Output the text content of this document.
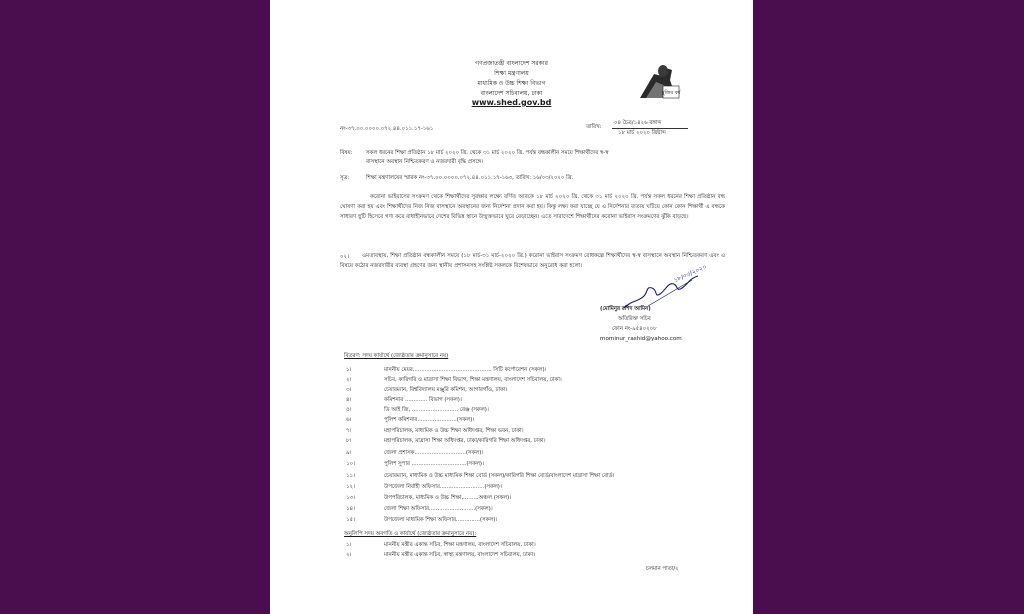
গণপ্রজাতন্ত্রী বাংলাদেশ সরকার
শিক্ষা মন্ত্রণালয়
মাধ্যমিক ও উচ্চ শিক্ষা বিভাগ
বাংলাদেশ সচিবালয়, ঢাকা
www.shed.gov.bd
মুজিব বর্ষ
নং-৩৭.০০.০০০০.০৭২.৪৪.০১১.১৭-১৬১	তারিখ:
০৪ চৈত্র/১৪২৬ বঙ্গাব্দ
১৮ মার্চ ২০২০ খ্রিষ্টাব্দ
বিষয়: সকল ধরনের শিক্ষা প্রতিষ্ঠান ১৮ মার্চ ২০২০ খ্রি. থেকে ৩১ মার্চ ২০২০ খ্রি. পর্যন্ত বন্ধকালীন সময়ে শিক্ষার্থীদের স্ব-স্ব
বাসস্থানে অবস্থান নিশ্চিতকরণ ও নজরদারী বৃদ্ধি প্রসঙ্গে।
সূত্র:	শিক্ষা মন্ত্রণালয়ের স্মারক নং-৩৭.০০.০০০০.০৭২.৪৪.০১১.১৭-১৬৩, তারিখ: ১৬/০৩/২০২০ খ্রি.
করোনা ভাইরাসের সংক্রমণ থেকে শিক্ষার্থীদের সুরক্ষার লক্ষ্যে বর্ণিত আরকে ১৮ মার্চ ২০২০ খ্রি. থেকে ৩১ মার্চ ২০২০ খ্রি. পর্যন্ত সকল ধরনের শিক্ষা প্রতিষ্ঠান বন্ধ ঘোষণা করা হয় এবং শিক্ষার্থীদের নিজ নিজ বাসস্থানে অবস্থানের জন্য নির্দেশনা প্রদান করা হয়। কিন্তু লক্ষ্য করা যাচ্ছে যে এ নির্দেশনার ব্যত্যয় ঘটিয়ে কোন কোন শিক্ষার্থী এ বন্ধকে সাধারণ ছুটি হিসেবে গণ্য করে বাধাহীনভাবে দেশের বিভিন্ন স্থানে উন্মুক্তভাবে ঘুরে বেড়াচ্ছেন। এতে সারাদেশে শিক্ষার্থীদের করোনা ভাইরাস সংক্রমণের ঝুঁকি বাড়ছে।
০২।	এমতাবস্থায়, শিক্ষা প্রতিষ্ঠান বন্ধকালীন সময়ে (১৮ মার্চ-৩১ মার্চ-২০২০ খ্রি.) করোনা ভাইরাস সংক্রমণ রোধকল্পে শিক্ষার্থীদের স্ব-স্ব বাসস্থানে অবস্থান নিশ্চিতকরণ এবং এ বিষয়ে কঠোর নজরদারীর ব্যবস্থা গ্রহণের জন্য স্থানীয় প্রশাসনসহ সংশ্লিষ্ট সকলকে বিশেষভাবে অনুরোধ করা হলো।	১৮/০৩/২০২০
(মোমিনুর রশিদ আমিন)
অতিরিক্ত সচিব
ফোন নং-৯৫৪০২০৮
mominur_rashid@yahoo.com
বিতরণ: সদয় কার্যার্থে (জ্যেষ্ঠতার ক্রমানুসারে নয়)
১।	মাননীয় মেয়র.............................................. সিটি কর্পোরেশন (সকল)।
২।	সচিব, কারিগরি ও মাদ্রাসা শিক্ষা বিভাগ, শিক্ষা মন্ত্রণালয়, বাংলাদেশ সচিবালয়, ঢাকা।
৩।	চেয়ারম্যান, বিশ্ববিদ্যালয় মঞ্জুরি কমিশন, আগারগাঁও, ঢাকা।
৪।	কমিশনার ............. বিভাগ (সকল)।
৫।	ডি আই জি, ........................... রেঞ্জ (সকল)।
৬।	পুলিশ কমিশনার.......................(সকল)।
৭।	মহাপরিচালক, মাধ্যমিক ও উচ্চ শিক্ষা অধিদপ্তর, শিক্ষা ভবন, ঢাকা।
৮।	মহাপরিচালক, মাদ্রাসা শিক্ষা অধিদপ্তর, ঢাকা/কারিগরি শিক্ষা অধিদপ্তর, ঢাকা।
৯।	জেলা প্রশাসক..............................(সকল)।
১০।	পুলিশ সুপার ................................(সকল)।
১১।	চেয়ারম্যান, মাধ্যমিক ও উচ্চ মাধ্যমিক শিক্ষা বোর্ড (সকল)/কারিগরি শিক্ষা বোর্ড/বাংলাদেশ মাদ্রাসা শিক্ষা বোর্ড।
১২।	উপজেলা নির্বাহী অফিসার..........................(সকল)।
১৩।	উপপরিচালক, মাধ্যমিক ও উচ্চ শিক্ষা,.........অঞ্চল (সকল)।
১৪।	জেলা শিক্ষা অফিসার...........................(সকল)।
১৫।	উপজেলা মাধ্যমিক শিক্ষা অফিসার..............(সকল)।
অনুলিপি সদয় অবগতি ও কার্যার্থে (জ্যেষ্ঠতার ক্রমানুসারে নয়):
১।	মাননীয় মন্ত্রীর একান্ত সচিব, শিক্ষা মন্ত্রণালয়, বাংলাদেশ সচিবালয়, ঢাকা।
২।	মাননীয় মন্ত্রীর একান্ত সচিব, স্বাস্থ্য মন্ত্রণালয়, বাংলাদেশ সচিবালয়, ঢাকা।
চলমান পাতা/২
